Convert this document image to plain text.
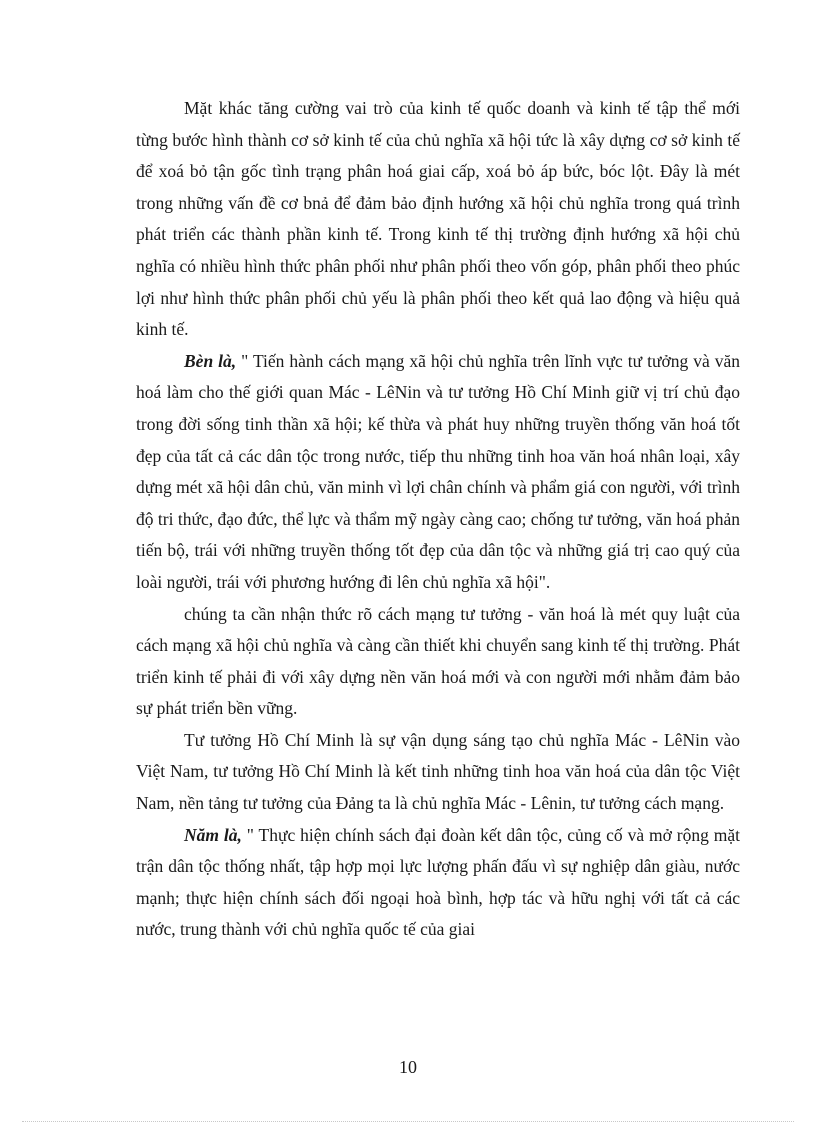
Mặt khác tăng cường vai trò của kinh tế quốc doanh và kinh tế tập thể mới từng bước hình thành cơ sở kinh tế của chủ nghĩa xã hội tức là xây dựng cơ sở kinh tế để xoá bỏ tận gốc tình trạng phân hoá giai cấp, xoá bỏ áp bức, bóc lột. Đây là mét trong những vấn đề cơ bnả để đảm bảo định hướng xã hội chủ nghĩa trong quá trình phát triển các thành phần kinh tế. Trong kinh tế thị trường định hướng xã hội chủ nghĩa có nhiều hình thức phân phối như phân phối theo vốn góp, phân phối theo phúc lợi như hình thức phân phối chủ yếu là phân phối theo kết quả lao động và hiệu quả kinh tế.

Bèn là, " Tiến hành cách mạng xã hội chủ nghĩa trên lĩnh vực tư tưởng và văn hoá làm cho thế giới quan Mác - LêNin và tư tưởng Hồ Chí Minh giữ vị trí chủ đạo trong đời sống tinh thần xã hội; kế thừa và phát huy những truyền thống văn hoá tốt đẹp của tất cả các dân tộc trong nước, tiếp thu những tinh hoa văn hoá nhân loại, xây dựng mét xã hội dân chủ, văn minh vì lợi chân chính và phẩm giá con người, với trình độ tri thức, đạo đức, thể lực và thẩm mỹ ngày càng cao; chống tư tưởng, văn hoá phản tiến bộ, trái với những truyền thống tốt đẹp của dân tộc và những giá trị cao quý của loài người, trái với phương hướng đi lên chủ nghĩa xã hội".

chúng ta cần nhận thức rõ cách mạng tư tưởng - văn hoá là mét quy luật của cách mạng xã hội chủ nghĩa và càng cần thiết khi chuyển sang kinh tế thị trường. Phát triển kinh tế phải đi với xây dựng nền văn hoá mới và con người mới nhằm đảm bảo sự phát triển bền vững.

Tư tưởng Hồ Chí Minh là sự vận dụng sáng tạo chủ nghĩa Mác - LêNin vào Việt Nam, tư tưởng Hồ Chí Minh là kết tinh những tinh hoa văn hoá của dân tộc Việt Nam, nền tảng tư tưởng của Đảng ta là chủ nghĩa Mác - Lênin, tư tưởng cách mạng.

Năm là, " Thực hiện chính sách đại đoàn kết dân tộc, củng cố và mở rộng mặt trận dân tộc thống nhất, tập hợp mọi lực lượng phấn đấu vì sự nghiệp dân giàu, nước mạnh; thực hiện chính sách đối ngoại hoà bình, hợp tác và hữu nghị với tất cả các nước, trung thành với chủ nghĩa quốc tế của giai

10
